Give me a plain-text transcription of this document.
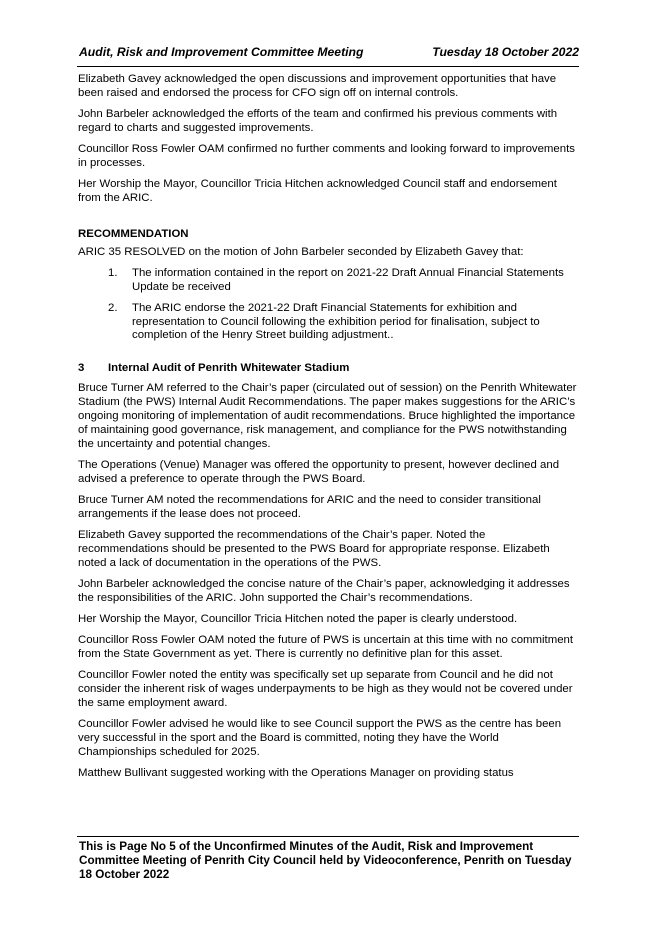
Audit, Risk and Improvement Committee Meeting	Tuesday 18 October 2022

Elizabeth Gavey acknowledged the open discussions and improvement opportunities that have been raised and endorsed the process for CFO sign off on internal controls.

John Barbeler acknowledged the efforts of the team and confirmed his previous comments with regard to charts and suggested improvements.

Councillor Ross Fowler OAM confirmed no further comments and looking forward to improvements in processes.

Her Worship the Mayor, Councillor Tricia Hitchen acknowledged Council staff and endorsement from the ARIC.

RECOMMENDATION

ARIC 35 RESOLVED on the motion of John Barbeler seconded by Elizabeth Gavey that:

1. The information contained in the report on 2021-22 Draft Annual Financial Statements Update be received
2. The ARIC endorse the 2021-22 Draft Financial Statements for exhibition and representation to Council following the exhibition period for finalisation, subject to completion of the Henry Street building adjustment..

3 Internal Audit of Penrith Whitewater Stadium

Bruce Turner AM referred to the Chair’s paper (circulated out of session) on the Penrith Whitewater Stadium (the PWS) Internal Audit Recommendations. The paper makes suggestions for the ARIC’s ongoing monitoring of implementation of audit recommendations. Bruce highlighted the importance of maintaining good governance, risk management, and compliance for the PWS notwithstanding the uncertainty and potential changes.

The Operations (Venue) Manager was offered the opportunity to present, however declined and advised a preference to operate through the PWS Board.

Bruce Turner AM noted the recommendations for ARIC and the need to consider transitional arrangements if the lease does not proceed.

Elizabeth Gavey supported the recommendations of the Chair’s paper. Noted the recommendations should be presented to the PWS Board for appropriate response. Elizabeth noted a lack of documentation in the operations of the PWS.

John Barbeler acknowledged the concise nature of the Chair’s paper, acknowledging it addresses the responsibilities of the ARIC. John supported the Chair’s recommendations.

Her Worship the Mayor, Councillor Tricia Hitchen noted the paper is clearly understood.

Councillor Ross Fowler OAM noted the future of PWS is uncertain at this time with no commitment from the State Government as yet. There is currently no definitive plan for this asset.

Councillor Fowler noted the entity was specifically set up separate from Council and he did not consider the inherent risk of wages underpayments to be high as they would not be covered under the same employment award.

Councillor Fowler advised he would like to see Council support the PWS as the centre has been very successful in the sport and the Board is committed, noting they have the World Championships scheduled for 2025.

Matthew Bullivant suggested working with the Operations Manager on providing status

This is Page No 5 of the Unconfirmed Minutes of the Audit, Risk and Improvement Committee Meeting of Penrith City Council held by Videoconference, Penrith on Tuesday 18 October 2022
